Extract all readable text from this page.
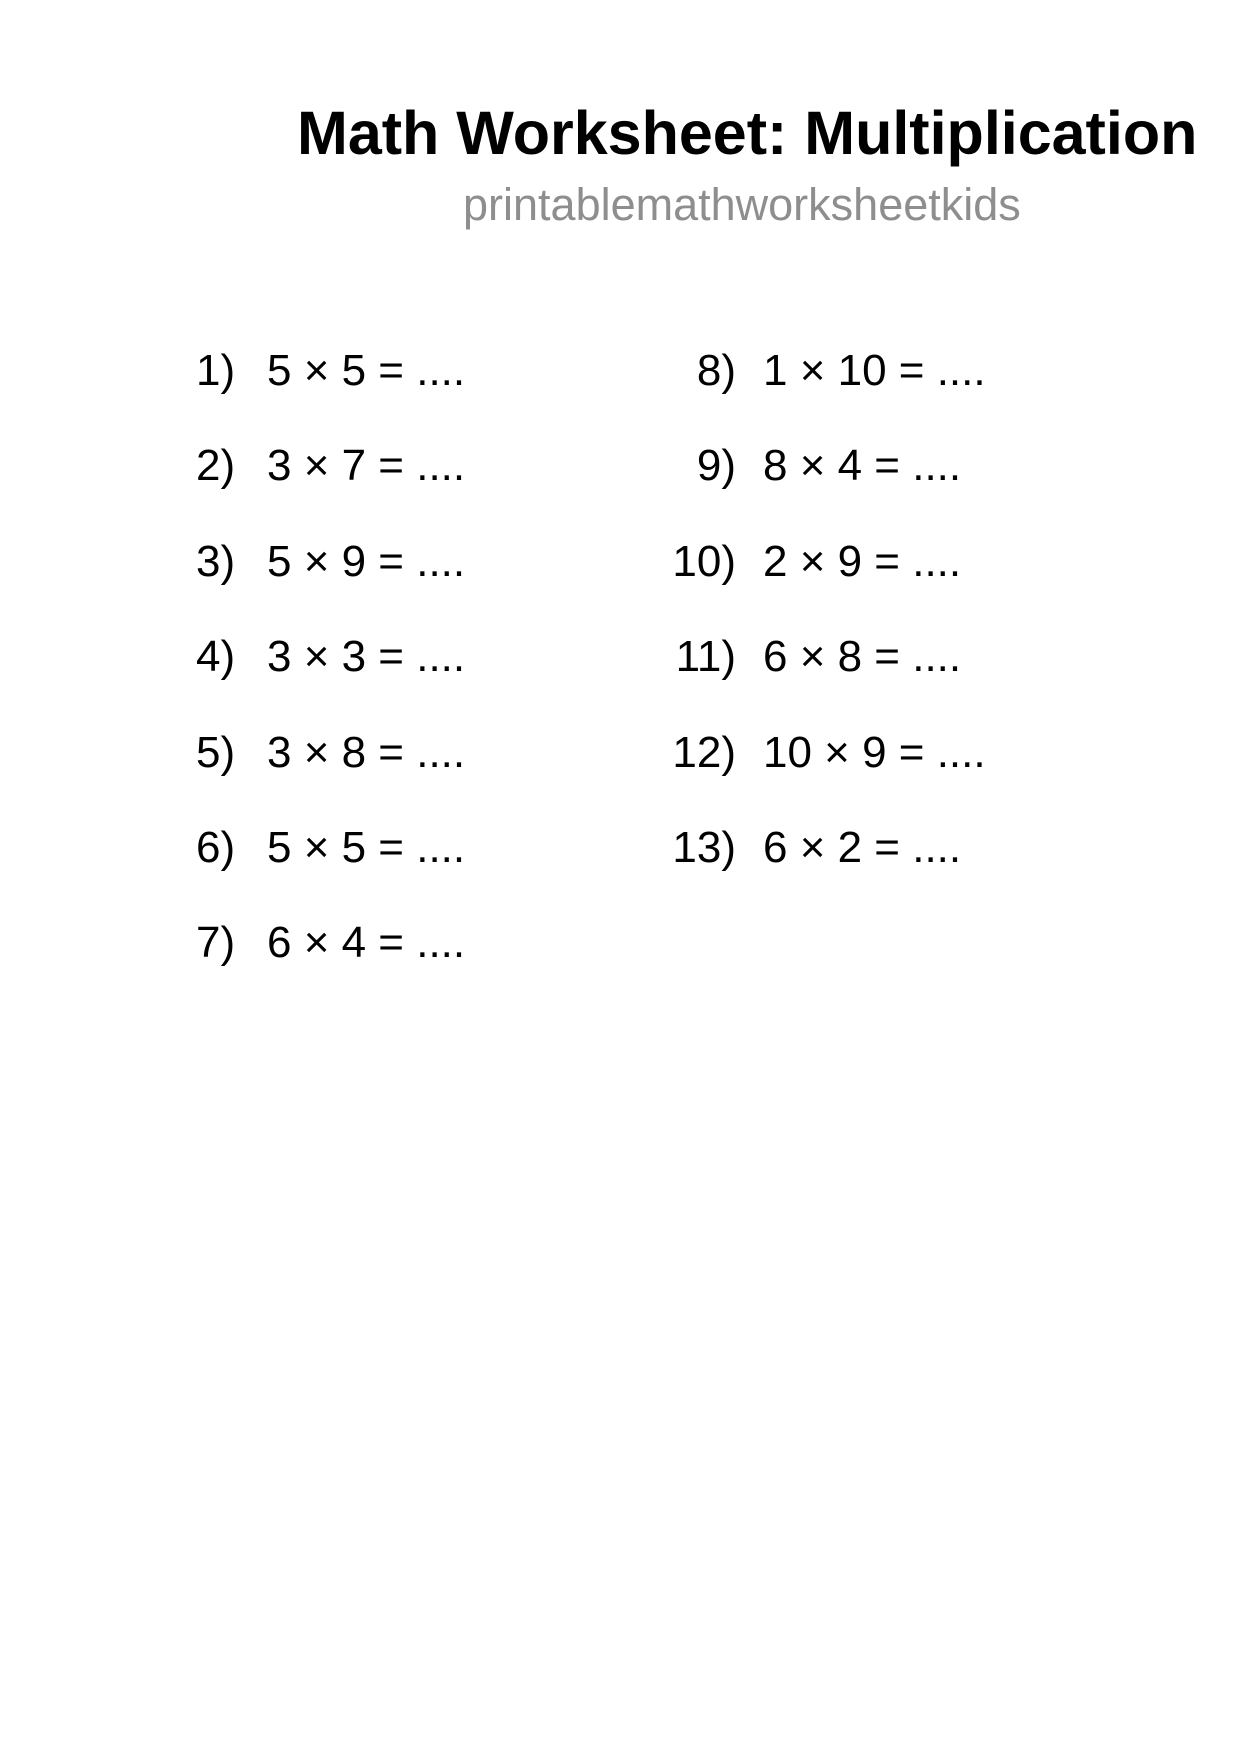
Math Worksheet: Multiplication
printablemathworksheetkids
1) 5 × 5 = ....
2) 3 × 7 = ....
3) 5 × 9 = ....
4) 3 × 3 = ....
5) 3 × 8 = ....
6) 5 × 5 = ....
7) 6 × 4 = ....
8) 1 × 10 = ....
9) 8 × 4 = ....
10) 2 × 9 = ....
11) 6 × 8 = ....
12) 10 × 9 = ....
13) 6 × 2 = ....
